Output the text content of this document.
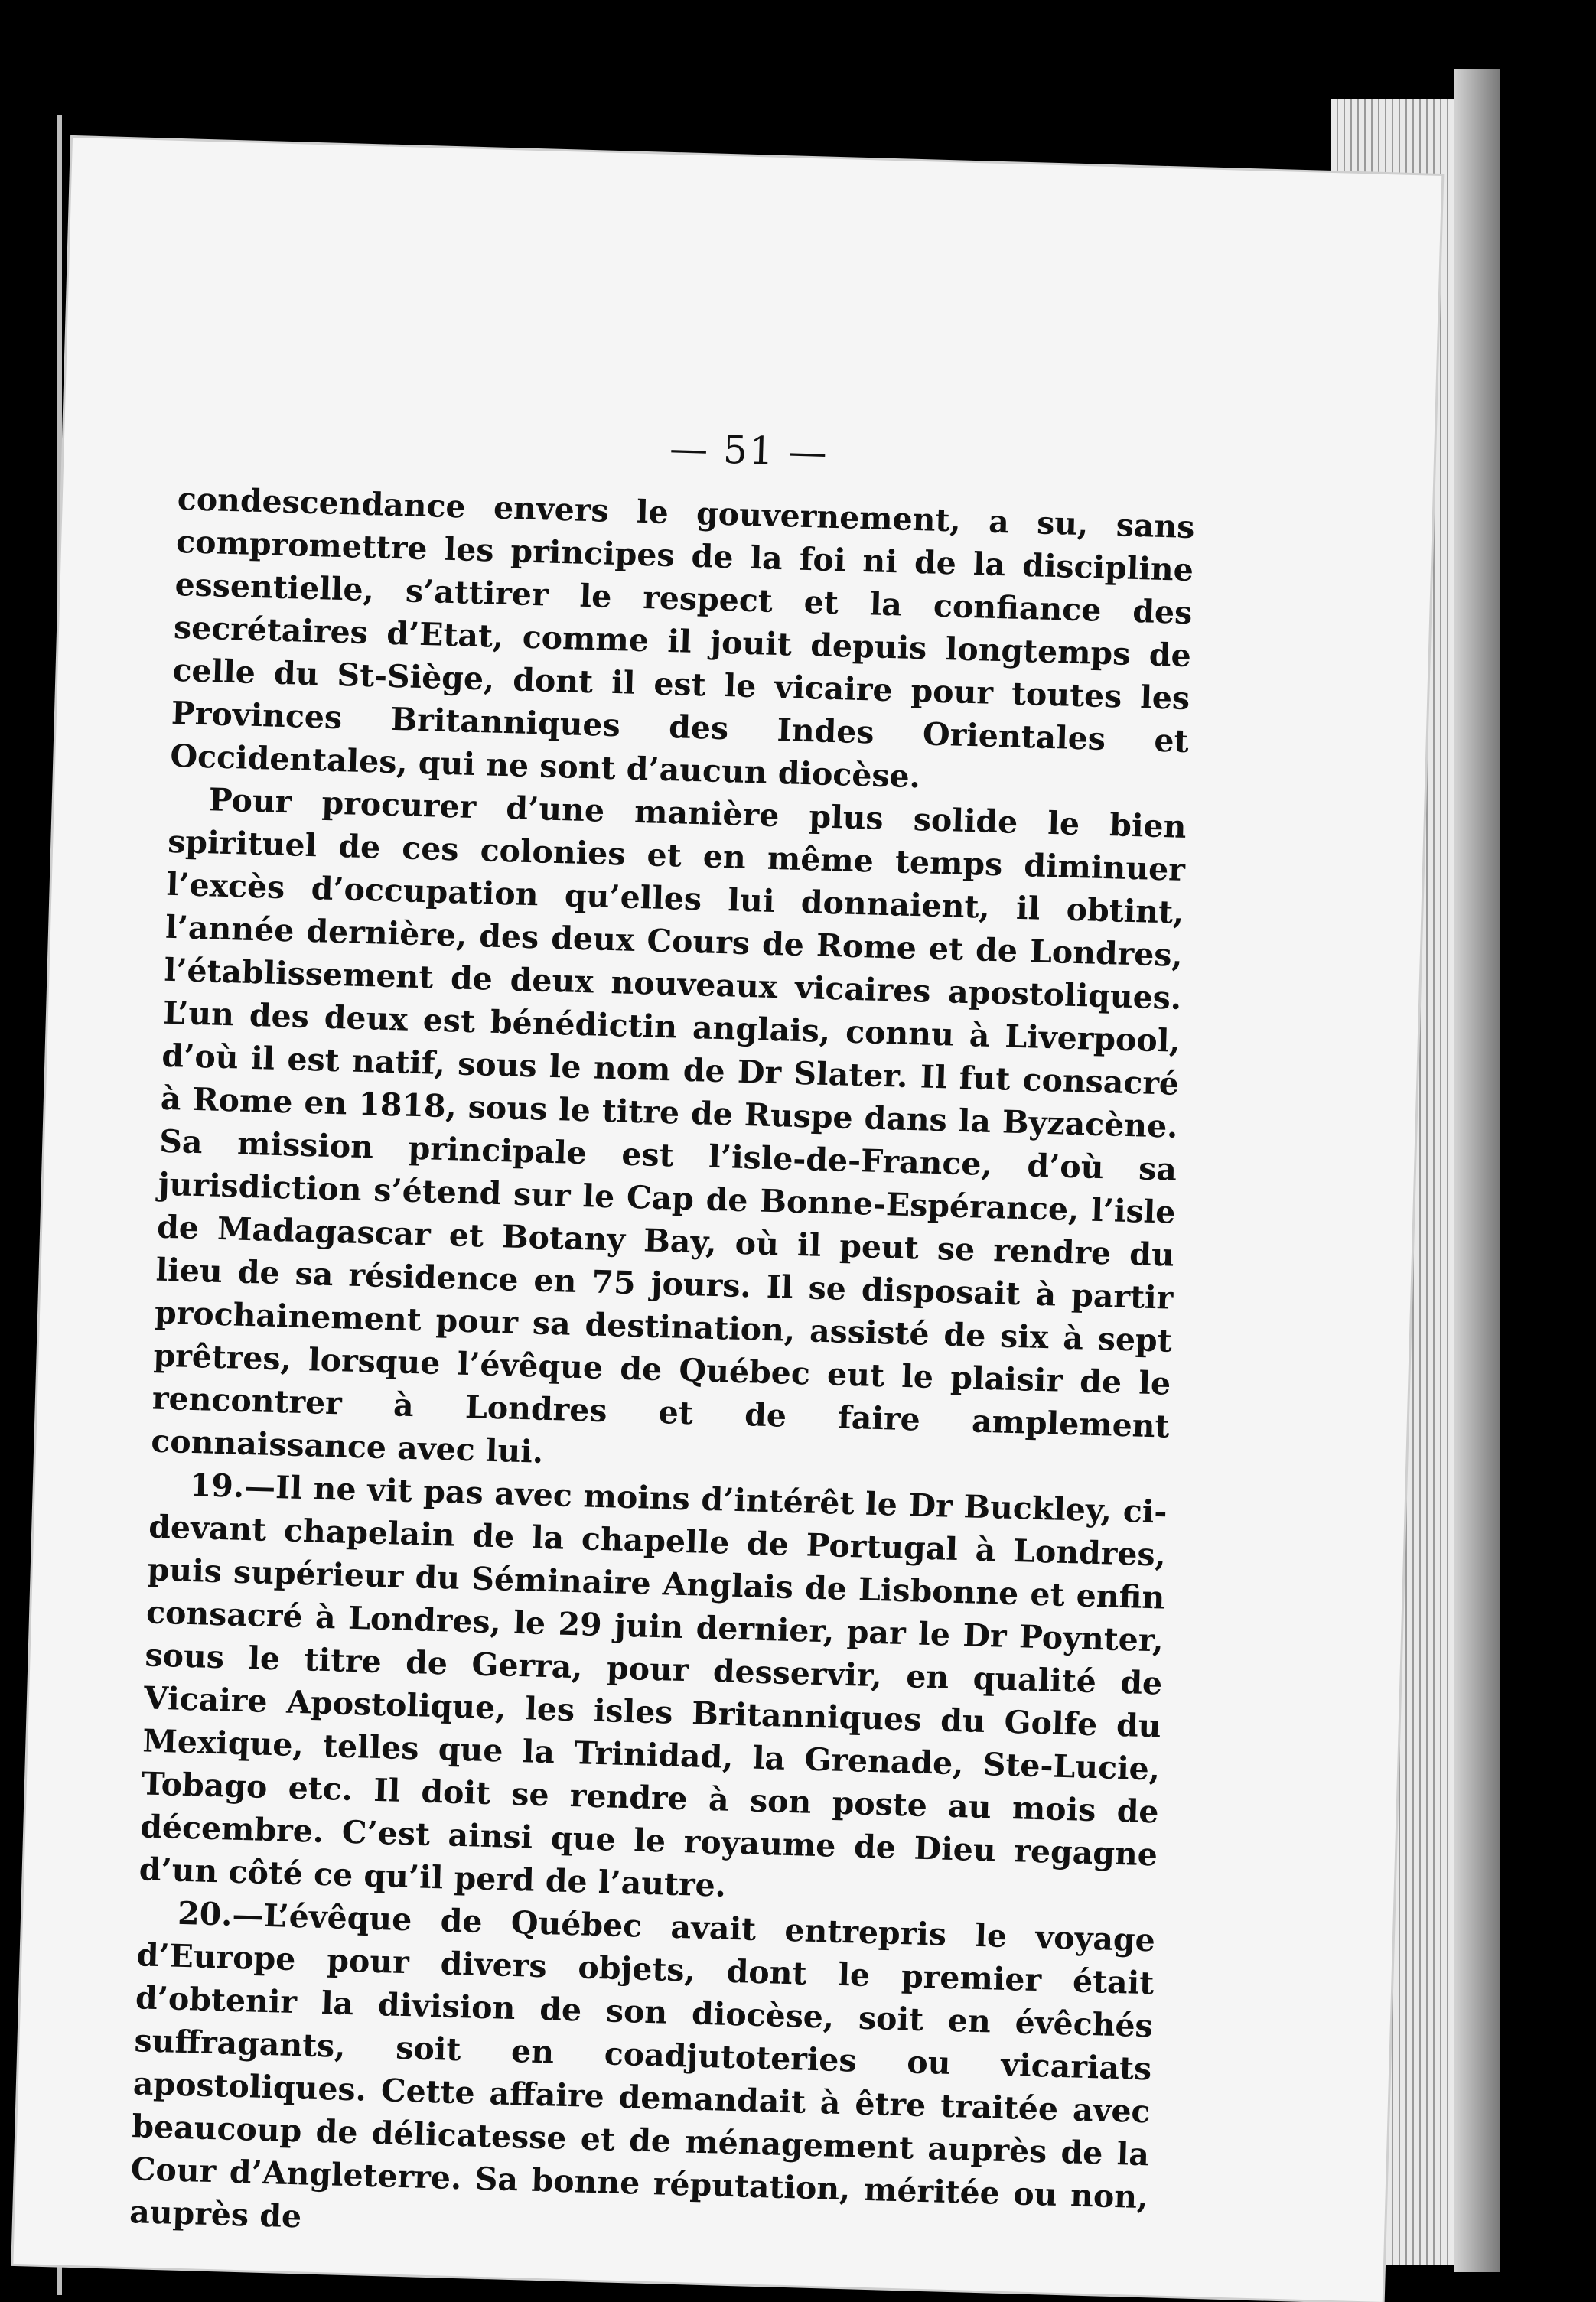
— 51 —

condescendance envers le gouvernement, a su, sans compromettre les principes de la foi ni de la discipline essentielle, s’attirer le respect et la confiance des secrétaires d’Etat, comme il jouit depuis longtemps de celle du St-Siège, dont il est le vicaire pour toutes les Provinces Britanniques des Indes Orientales et Occidentales, qui ne sont d’aucun diocèse.

Pour procurer d’une manière plus solide le bien spirituel de ces colonies et en même temps diminuer l’excès d’occupation qu’elles lui donnaient, il obtint, l’année dernière, des deux Cours de Rome et de Londres, l’établissement de deux nouveaux vicaires apostoliques. L’un des deux est bénédictin anglais, connu à Liverpool, d’où il est natif, sous le nom de Dr Slater. Il fut consacré à Rome en 1818, sous le titre de Ruspe dans la Byzacène. Sa mission principale est l’isle-de-France, d’où sa jurisdiction s’étend sur le Cap de Bonne-Espérance, l’isle de Madagascar et Botany Bay, où il peut se rendre du lieu de sa résidence en 75 jours. Il se disposait à partir prochainement pour sa destination, assisté de six à sept prêtres, lorsque l’évêque de Québec eut le plaisir de le rencontrer à Londres et de faire amplement connaissance avec lui.

19.—Il ne vit pas avec moins d’intérêt le Dr Buckley, ci-devant chapelain de la chapelle de Portugal à Londres, puis supérieur du Séminaire Anglais de Lisbonne et enfin consacré à Londres, le 29 juin dernier, par le Dr Poynter, sous le titre de Gerra, pour desservir, en qualité de Vicaire Apostolique, les isles Britanniques du Golfe du Mexique, telles que la Trinidad, la Grenade, Ste-Lucie, Tobago etc. Il doit se rendre à son poste au mois de décembre. C’est ainsi que le royaume de Dieu regagne d’un côté ce qu’il perd de l’autre.

20.—L’évêque de Québec avait entrepris le voyage d’Europe pour divers objets, dont le premier était d’obtenir la division de son diocèse, soit en évêchés suffragants, soit en coadjutoteries ou vicariats apostoliques. Cette affaire demandait à être traitée avec beaucoup de délicatesse et de ménagement auprès de la Cour d’Angleterre. Sa bonne réputation, méritée ou non, auprès de
